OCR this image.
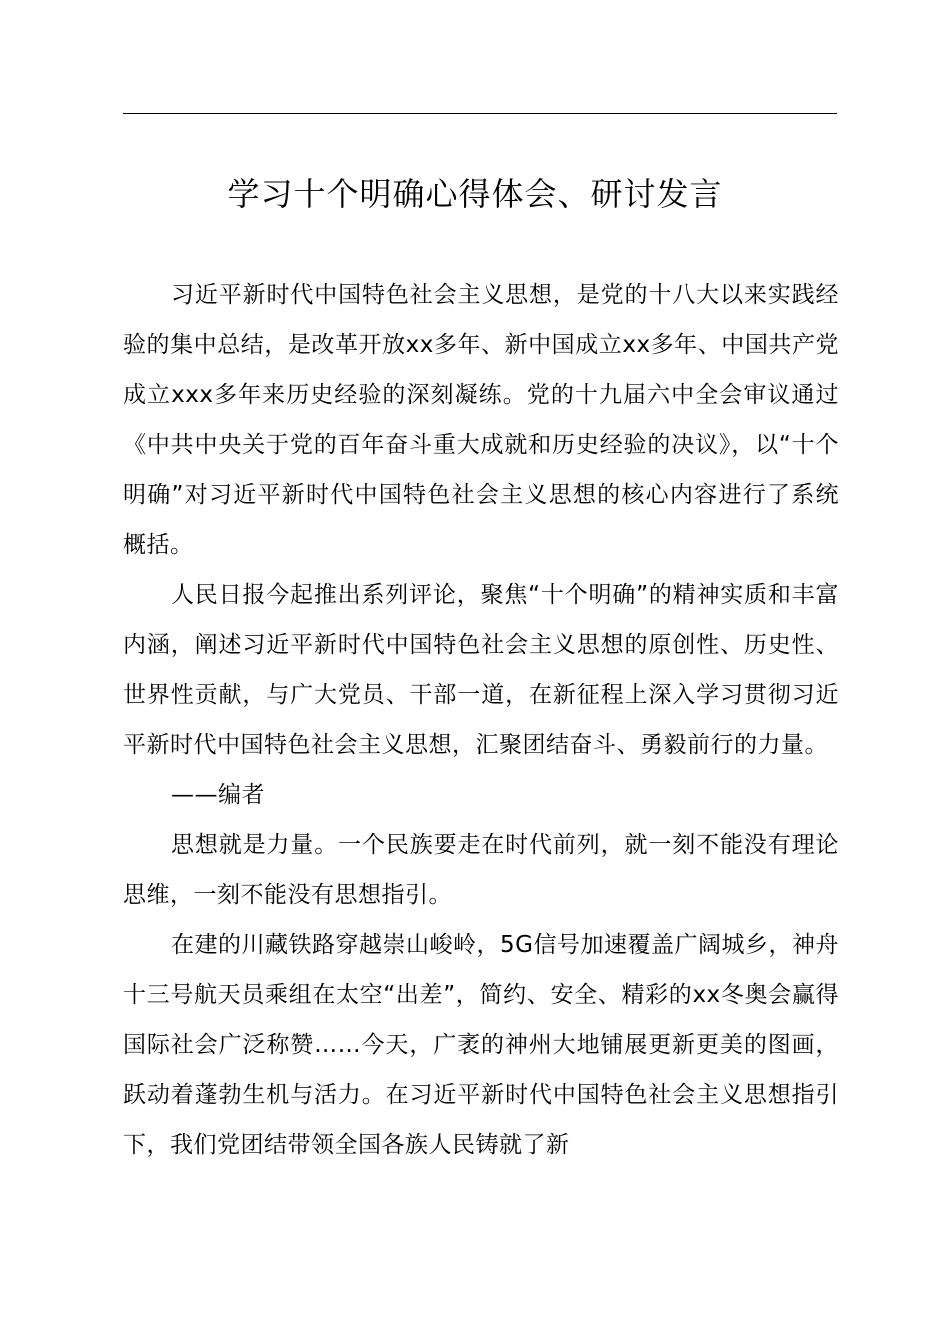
学习十个明确心得体会、研讨发言

习近平新时代中国特色社会主义思想，是党的十八大以来实践经验的集中总结，是改革开放xx多年、新中国成立xx多年、中国共产党成立xxx多年来历史经验的深刻凝练。党的十九届六中全会审议通过《中共中央关于党的百年奋斗重大成就和历史经验的决议》，以“十个明确”对习近平新时代中国特色社会主义思想的核心内容进行了系统概括。

人民日报今起推出系列评论，聚焦“十个明确”的精神实质和丰富内涵，阐述习近平新时代中国特色社会主义思想的原创性、历史性、世界性贡献，与广大党员、干部一道，在新征程上深入学习贯彻习近平新时代中国特色社会主义思想，汇聚团结奋斗、勇毅前行的力量。

——编者

思想就是力量。一个民族要走在时代前列，就一刻不能没有理论思维，一刻不能没有思想指引。

在建的川藏铁路穿越崇山峻岭，5G信号加速覆盖广阔城乡，神舟十三号航天员乘组在太空“出差”，简约、安全、精彩的xx冬奥会赢得国际社会广泛称赞……今天，广袤的神州大地铺展更新更美的图画，跃动着蓬勃生机与活力。在习近平新时代中国特色社会主义思想指引下，我们党团结带领全国各族人民铸就了新
